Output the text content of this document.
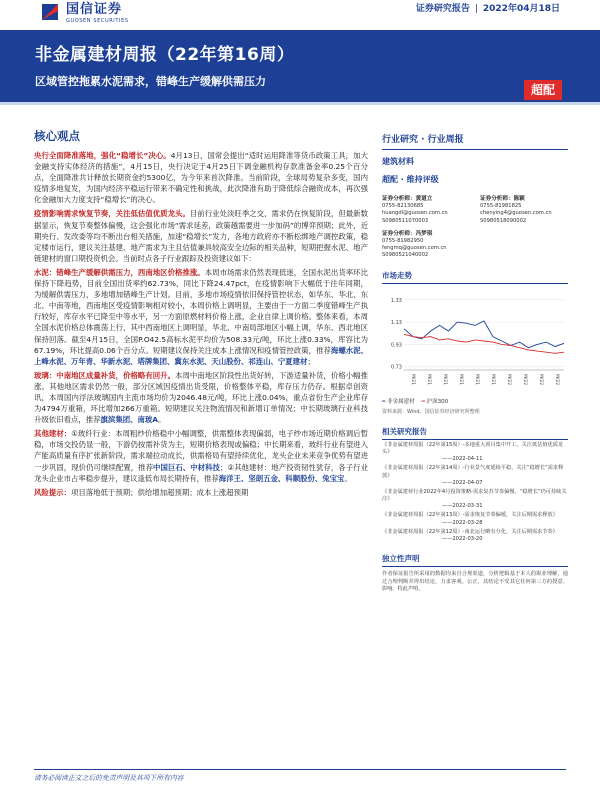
国信证券
GUOSEN SECURITIES
证券研究报告 | 2022年04月18日
非金属建材周报（22年第16周）
区域管控拖累水泥需求，错峰生产缓解供需压力
超配
核心观点

央行全面降准落地，强化“稳增长”决心。4月13日，国常会提出“适时运用降准等货币政策工具，加大金融支持实体经济的措施”，4月15日，央行决定于4月25日下调金融机构存款准备金率0.25个百分点，全面降准共计释放长期资金约5300亿，为今年来首次降准。当前阶段，全球局势复杂多变，国内疫情多地复发，为国内经济平稳运行带来不确定性和挑战，此次降准有助于降低综合融资成本，再次强化金融加大力度支持“稳增长”的决心。

疫情影响需求恢复节奏，关注低估值优质龙头。目前行业处淡旺季之交，需求仍在恢复阶段，但最新数据显示，恢复节奏整体偏慢，这会强化市场“需求延差，政策越需要进一步加码”的博弈预期；此外，近期央行、发改委等均不断出台相关措施，加速“稳增长”发力，各地方政府亦不断松绑地产调控政策，稳定楼市运行，建议关注基建、地产需求为主且估值兼具较高安全边际的相关品种，短期把握水泥、地产链建材的窗口期投资机会。当前时点各子行业跟踪及投资建议如下：

水泥：错峰生产缓解供需压力，西南地区价格推涨。本周市场需求仍然表现低迷，全国水泥出货率环比保持下降趋势，目前全国出货率约62.73%，同比下降24.47pct，在疫情影响下大幅低于往年同期，为缓解供需压力，多地增加错峰生产计划。目前，多地市场疫情依旧保持管控状态，如华东、华北、东北、中南等地，西南地区受疫情影响相对较小，本周价格上调明显，主要由于一方面二季度错峰生产执行较好，库存水平已降至中等水平，另一方面原燃材料价格上涨，企业自律上调价格。整体来看，本周全国水泥价格总体震荡上行，其中西南地区上调明显，华北、中南局部地区小幅上调，华东、西北地区保持回落。截至4月15日，全国P.O42.5高标水泥平均价为508.33元/吨，环比上涨0.33%，库容比为67.19%，环比提高0.06个百分点。短期建议保持关注成本上涨情况和疫情管控政策，推荐海螺水泥、上峰水泥、万年青、华新水泥、塔牌集团、冀东水泥、天山股份、祁连山、宁夏建材；

玻璃：中南地区成量补货，价格略有回升。本周中南地区阶段性出货好转，下游适量补货，价格小幅推涨。其他地区需求仍然一般，部分区域因疫情出货受限，价格整体平稳，库存压力仍存。根据卓创资讯，本周国内浮法玻璃国内主流市场均价为2046.48元/吨，环比上涨0.04%，重点省份生产企业库存为4794万重箱，环比增加266万重箱。短期建议关注物流情况和新增订单情况；中长期玻璃行业科技升级依旧看点，推荐旗滨集团、南玻A。

其他建材：①玻纤行业：本周粗纱价格稳中小幅调整，供需整体表现偏弱，电子纱市场近期价格调后暂稳，市场交投仍显一般，下游仍按需补货为主，短期价格表现或偏稳；中长期来看，玻纤行业有望进入产能高质量有序扩张新阶段，需求端拉动成长，供需格局有望持续优化，龙头企业未来竞争优势有望进一步巩固，现价仍可继续配置，推荐中国巨石、中材科技；②其他建材：地产投资韧性犹存，各子行业龙头企业市占率稳步提升，建议逢低布局长期持有，推荐海洋王、坚朗五金、科顺股份、兔宝宝。

风险提示：项目落地低于预期；供给增加超预期；成本上涨超预期

行业研究 · 行业周报
建筑材料
超配 · 维持评级
证券分析师：黄道立
0755-82130685
huangdl@guosen.com.cn
S0980511070003
证券分析师：陈颖
0755-81981825
chenying4@guosen.com.cn
S0980518090002
证券分析师：冯梦琪
0755-81982950
fengmq@guosen.com.cn
S0980521040002
市场走势
1.33
1.13
0.93
0.73
M/21 M/21 M/21 M/21 M/21 M/21 M/22 M/22 M/22 M/22
━ 非金属建材 ━ 沪深300
资料来源：Wind、国信证券经济研究所整理
相关研究报告
《非金属建材周报（22年第15周）-多地重大项目集中开工，关注低估值优质龙头》
——2022-04-11
《非金属建材周报（22年第14周）-行业景气度延续平稳，关注“稳增长”需求释放》
——2022-04-07
《非金属建材行业2022年4月投资策略-需求复苏节奏偏慢，“稳增长”仍可持续关注》
——2022-03-31
《非金属建材周报（22年第13周）-需求恢复节奏偏缓，关注后期需求释放》
——2022-03-28
《非金属建材周报（22年第12周）-南北运行略有分化，关注后期需求节奏》
——2022-03-20
独立性声明
作者保证报告所采用的数据均来自合规渠道，分析逻辑基于本人的职业理解，通过合理判断并得出结论，力求客观、公正，其结论不受其它任何第三方的授意、影响，特此声明。
请务必阅读正文之后的免责声明及其项下所有内容
